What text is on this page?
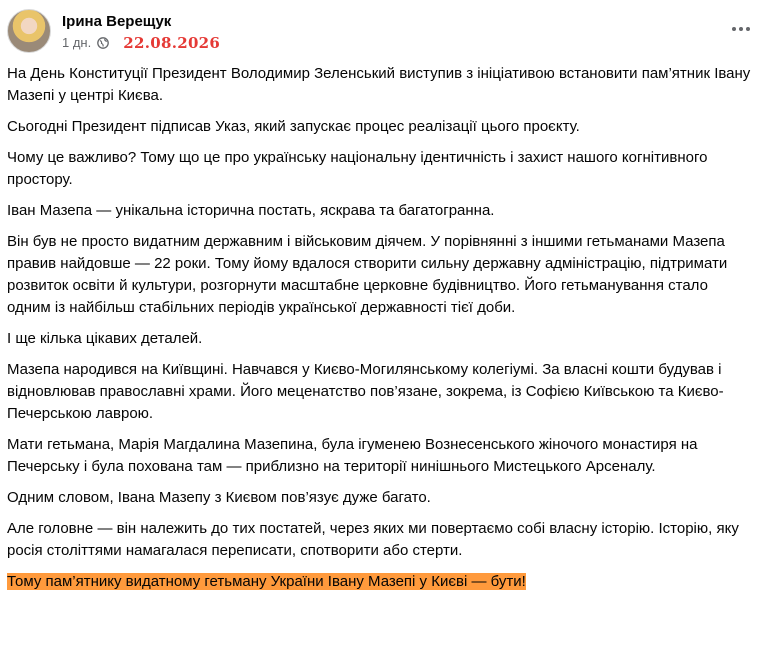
Ірина Верещук
1 дн. 22.08.2026

На День Конституції Президент Володимир Зеленський виступив з ініціативою встановити пам’ятник Івану Мазепі у центрі Києва.

Сьогодні Президент підписав Указ, який запускає процес реалізації цього проєкту.

Чому це важливо? Тому що це про українську національну ідентичність і захист нашого когнітивного простору.

Іван Мазепа — унікальна історична постать, яскрава та багатогранна.

Він був не просто видатним державним і військовим діячем. У порівнянні з іншими гетьманами Мазепа правив найдовше — 22 роки. Тому йому вдалося створити сильну державну адміністрацію, підтримати розвиток освіти й культури, розгорнути масштабне церковне будівництво. Його гетьманування стало одним із найбільш стабільних періодів української державності тієї доби.

І ще кілька цікавих деталей.

Мазепа народився на Київщині. Навчався у Києво-Могилянському колегіумі. За власні кошти будував і відновлював православні храми. Його меценатство пов’язане, зокрема, із Софією Київською та Києво-Печерською лаврою.

Мати гетьмана, Марія Магдалина Мазепина, була ігуменею Вознесенського жіночого монастиря на Печерську і була похована там — приблизно на території нинішнього Мистецького Арсеналу.

Одним словом, Івана Мазепу з Києвом пов’язує дуже багато.

Але головне — він належить до тих постатей, через яких ми повертаємо собі власну історію. Історію, яку росія століттями намагалася переписати, спотворити або стерти.

Тому пам’ятнику видатному гетьману України Івану Мазепі у Києві — бути!
